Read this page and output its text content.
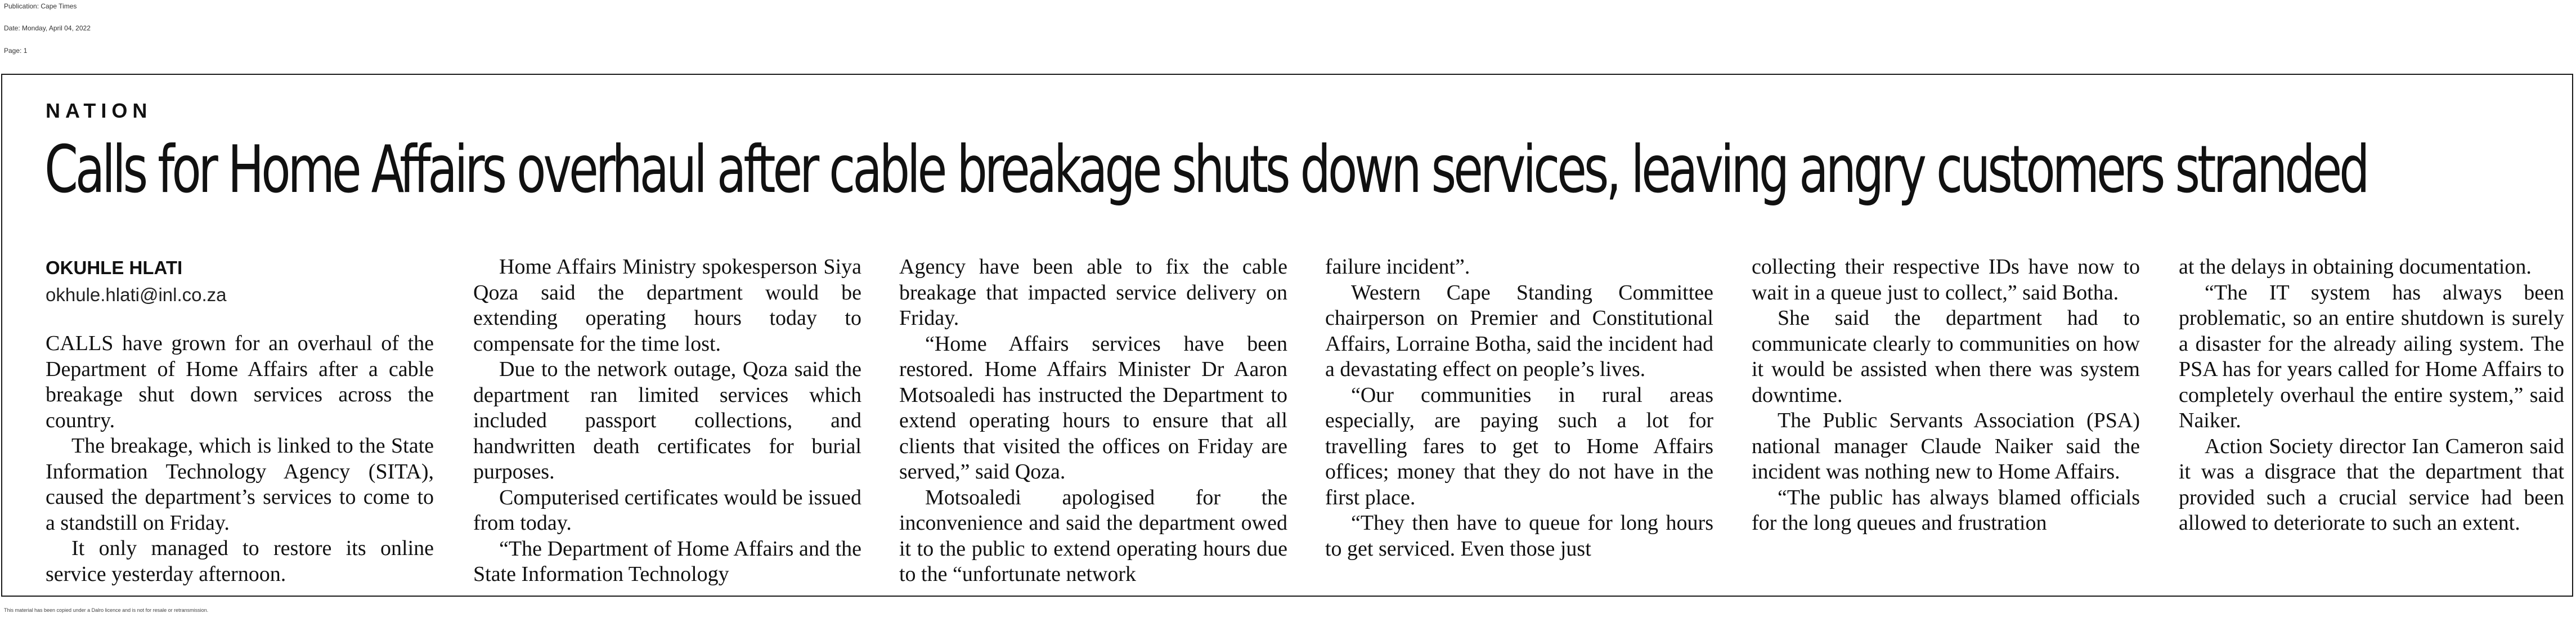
Publication: Cape Times
Date: Monday, April 04, 2022
Page: 1
NATION
Calls for Home Affairs overhaul after cable breakage shuts down services, leaving angry customers stranded
OKUHLE HLATI
okhule.hlati@inl.co.za

CALLS have grown for an overhaul of the Department of Home Affairs after a cable breakage shut down services across the country.

The breakage, which is linked to the State Information Technology Agency (SITA), caused the department’s services to come to a standstill on Friday.

It only managed to restore its online service yesterday afternoon.

Home Affairs Ministry spokesperson Siya Qoza said the department would be extending operating hours today to compensate for the time lost.

Due to the network outage, Qoza said the department ran limited services which included passport collections, and handwritten death certificates for burial purposes.

Computerised certificates would be issued from today.

“The Department of Home Affairs and the State Information Technology

Agency have been able to fix the cable breakage that impacted service delivery on Friday.

“Home Affairs services have been restored. Home Affairs Minister Dr Aaron Motsoaledi has instructed the Department to extend operating hours to ensure that all clients that visited the offices on Friday are served,” said Qoza.

Motsoaledi apologised for the inconvenience and said the department owed it to the public to extend operating hours due to the “unfortunate network

failure incident”.

Western Cape Standing Committee chairperson on Premier and Constitutional Affairs, Lorraine Botha, said the incident had a devastating effect on people’s lives.

“Our communities in rural areas especially, are paying such a lot for travelling fares to get to Home Affairs offices; money that they do not have in the first place.

“They then have to queue for long hours to get serviced. Even those just

collecting their respective IDs have now to wait in a queue just to collect,” said Botha.

She said the department had to communicate clearly to communities on how it would be assisted when there was system downtime.

The Public Servants Association (PSA) national manager Claude Naiker said the incident was nothing new to Home Affairs.

“The public has always blamed officials for the long queues and frustration

at the delays in obtaining documentation.

“The IT system has always been problematic, so an entire shutdown is surely a disaster for the already ailing system. The PSA has for years called for Home Affairs to completely overhaul the entire system,” said Naiker.

Action Society director Ian Cameron said it was a disgrace that the department that provided such a crucial service had been allowed to deteriorate to such an extent.

This material has been copied under a Dalro licence and is not for resale or retransmission.
